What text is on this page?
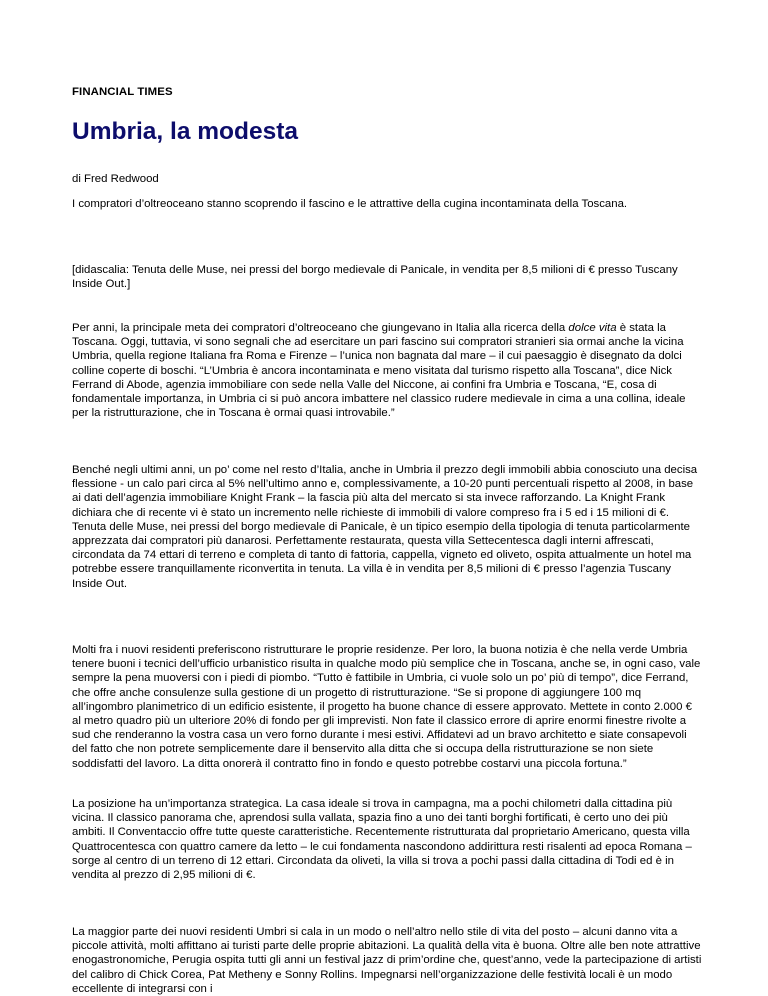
FINANCIAL TIMES
Umbria, la modesta
di Fred Redwood

I compratori d’oltreoceano stanno scoprendo il fascino e le attrattive della cugina incontaminata della Toscana.

[didascalia: Tenuta delle Muse, nei pressi del borgo medievale di Panicale, in vendita per 8,5 milioni di € presso Tuscany Inside Out.]

Per anni, la principale meta dei compratori d’oltreoceano che giungevano in Italia alla ricerca della dolce vita è stata la Toscana. Oggi, tuttavia, vi sono segnali che ad esercitare un pari fascino sui compratori stranieri sia ormai anche la vicina Umbria, quella regione Italiana fra Roma e Firenze – l’unica non bagnata dal mare – il cui paesaggio è disegnato da dolci colline coperte di boschi. “L’Umbria è ancora incontaminata e meno visitata dal turismo rispetto alla Toscana”, dice Nick Ferrand di Abode, agenzia immobiliare con sede nella Valle del Niccone, ai confini fra Umbria e Toscana, “E, cosa di fondamentale importanza, in Umbria ci si può ancora imbattere nel classico rudere medievale in cima a una collina, ideale per la ristrutturazione, che in Toscana è ormai quasi introvabile.”

Benché negli ultimi anni, un po’ come nel resto d’Italia, anche in Umbria il prezzo degli immobili abbia conosciuto una decisa flessione - un calo pari circa al 5% nell’ultimo anno e, complessivamente, a 10-20 punti percentuali rispetto al 2008, in base ai dati dell’agenzia immobiliare Knight Frank – la fascia più alta del mercato si sta invece rafforzando. La Knight Frank dichiara che di recente vi è stato un incremento nelle richieste di immobili di valore compreso fra i 5 ed i 15 milioni di €. Tenuta delle Muse, nei pressi del borgo medievale di Panicale, è un tipico esempio della tipologia di tenuta particolarmente apprezzata dai compratori più danarosi. Perfettamente restaurata, questa villa Settecentesca dagli interni affrescati, circondata da 74 ettari di terreno e completa di tanto di fattoria, cappella, vigneto ed oliveto, ospita attualmente un hotel ma potrebbe essere tranquillamente riconvertita in tenuta. La villa è in vendita per 8,5 milioni di € presso l’agenzia Tuscany Inside Out.

Molti fra i nuovi residenti preferiscono ristrutturare le proprie residenze. Per loro, la buona notizia è che nella verde Umbria tenere buoni i tecnici dell’ufficio urbanistico risulta in qualche modo più semplice che in Toscana, anche se, in ogni caso, vale sempre la pena muoversi con i piedi di piombo. “Tutto è fattibile in Umbria, ci vuole solo un po’ più di tempo”, dice Ferrand, che offre anche consulenze sulla gestione di un progetto di ristrutturazione. “Se si propone di aggiungere 100 mq all’ingombro planimetrico di un edificio esistente, il progetto ha buone chance di essere approvato. Mettete in conto 2.000 € al metro quadro più un ulteriore 20% di fondo per gli imprevisti. Non fate il classico errore di aprire enormi finestre rivolte a sud che renderanno la vostra casa un vero forno durante i mesi estivi. Affidatevi ad un bravo architetto e siate consapevoli del fatto che non potrete semplicemente dare il benservito alla ditta che si occupa della ristrutturazione se non siete soddisfatti del lavoro. La ditta onorerà il contratto fino in fondo e questo potrebbe costarvi una piccola fortuna.”

La posizione ha un’importanza strategica. La casa ideale si trova in campagna, ma a pochi chilometri dalla cittadina più vicina. Il classico panorama che, aprendosi sulla vallata, spazia fino a uno dei tanti borghi fortificati, è certo uno dei più ambiti. Il Conventaccio offre tutte queste caratteristiche. Recentemente ristrutturata dal proprietario Americano, questa villa Quattrocentesca con quattro camere da letto – le cui fondamenta nascondono addirittura resti risalenti ad epoca Romana – sorge al centro di un terreno di 12 ettari. Circondata da oliveti, la villa si trova a pochi passi dalla cittadina di Todi ed è in vendita al prezzo di 2,95 milioni di €.

La maggior parte dei nuovi residenti Umbri si cala in un modo o nell’altro nello stile di vita del posto – alcuni danno vita a piccole attività, molti affittano ai turisti parte delle proprie abitazioni. La qualità della vita è buona. Oltre alle ben note attrattive enogastronomiche, Perugia ospita tutti gli anni un festival jazz di prim’ordine che, quest’anno, vede la partecipazione di artisti del calibro di Chick Corea, Pat Metheny e Sonny Rollins. Impegnarsi nell’organizzazione delle festività locali è un modo eccellente di integrarsi con i
